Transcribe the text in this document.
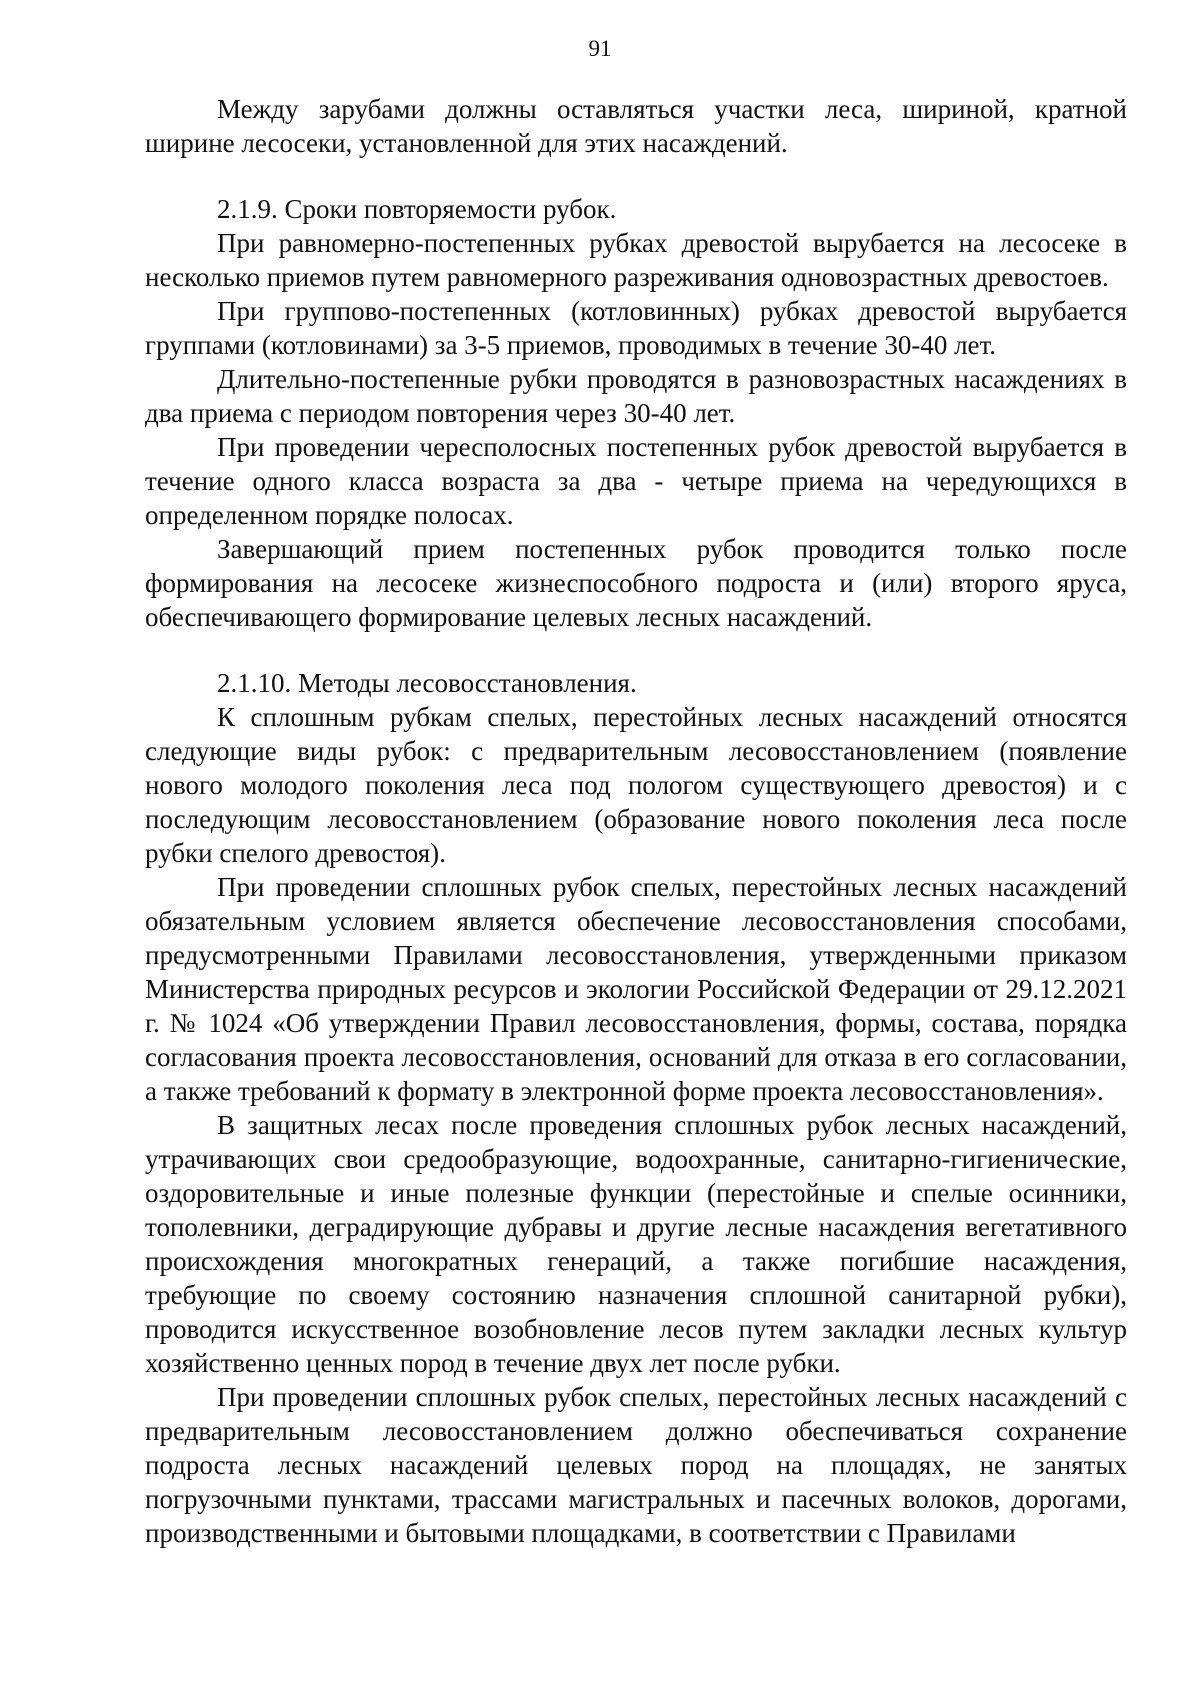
91

Между зарубами должны оставляться участки леса, шириной, кратной ширине лесосеки, установленной для этих насаждений.

2.1.9. Сроки повторяемости рубок.

При равномерно-постепенных рубках древостой вырубается на лесосеке в несколько приемов путем равномерного разреживания одновозрастных древостоев.

При группово-постепенных (котловинных) рубках древостой вырубается группами (котловинами) за 3-5 приемов, проводимых в течение 30-40 лет.

Длительно-постепенные рубки проводятся в разновозрастных насаждениях в два приема с периодом повторения через 30-40 лет.

При проведении чересполосных постепенных рубок древостой вырубается в течение одного класса возраста за два - четыре приема на чередующихся в определенном порядке полосах.

Завершающий прием постепенных рубок проводится только после формирования на лесосеке жизнеспособного подроста и (или) второго яруса, обеспечивающего формирование целевых лесных насаждений.

2.1.10. Методы лесовосстановления.

К сплошным рубкам спелых, перестойных лесных насаждений относятся следующие виды рубок: с предварительным лесовосстановлением (появление нового молодого поколения леса под пологом существующего древостоя) и с последующим лесовосстановлением (образование нового поколения леса после рубки спелого древостоя).

При проведении сплошных рубок спелых, перестойных лесных насаждений обязательным условием является обеспечение лесовосстановления способами, предусмотренными Правилами лесовосстановления, утвержденными приказом Министерства природных ресурсов и экологии Российской Федерации от 29.12.2021 г. № 1024 «Об утверждении Правил лесовосстановления, формы, состава, порядка согласования проекта лесовосстановления, оснований для отказа в его согласовании, а также требований к формату в электронной форме проекта лесовосстановления».

В защитных лесах после проведения сплошных рубок лесных насаждений, утрачивающих свои средообразующие, водоохранные, санитарно-гигиенические, оздоровительные и иные полезные функции (перестойные и спелые осинники, тополевники, деградирующие дубравы и другие лесные насаждения вегетативного происхождения многократных генераций, а также погибшие насаждения, требующие по своему состоянию назначения сплошной санитарной рубки), проводится искусственное возобновление лесов путем закладки лесных культур хозяйственно ценных пород в течение двух лет после рубки.

При проведении сплошных рубок спелых, перестойных лесных насаждений с предварительным лесовосстановлением должно обеспечиваться сохранение подроста лесных насаждений целевых пород на площадях, не занятых погрузочными пунктами, трассами магистральных и пасечных волоков, дорогами, производственными и бытовыми площадками, в соответствии с Правилами
